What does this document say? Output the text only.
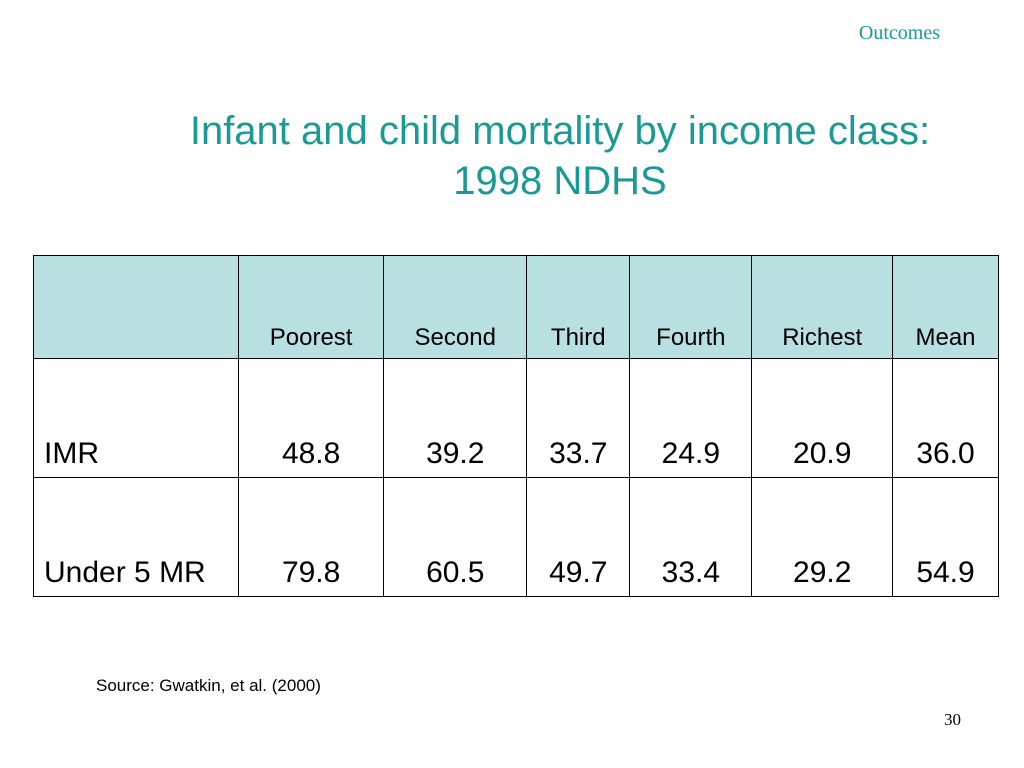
Outcomes
Infant and child mortality by income class:
1998 NDHS
	Poorest	Second	Third	Fourth	Richest	Mean
IMR	48.8	39.2	33.7	24.9	20.9	36.0
Under 5 MR	79.8	60.5	49.7	33.4	29.2	54.9
Source: Gwatkin, et al. (2000)
30
